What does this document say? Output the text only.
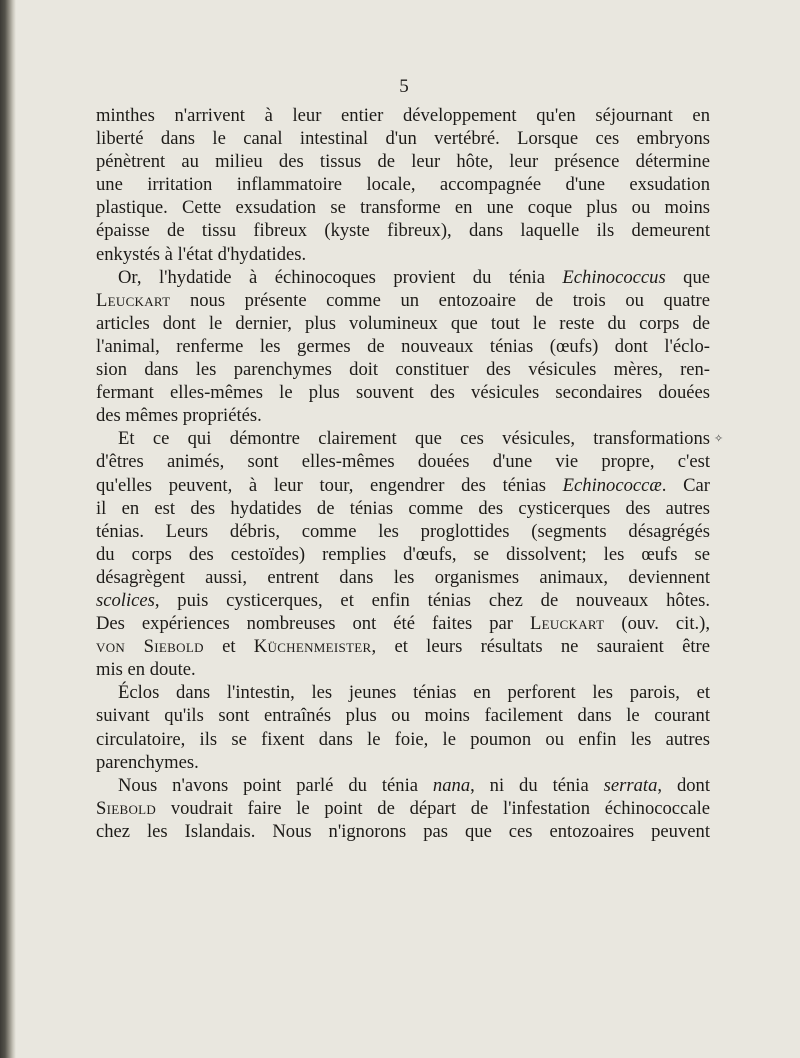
5
✧
minthes n'arrivent à leur entier développement qu'en séjournant en
liberté dans le canal intestinal d'un vertébré. Lorsque ces embryons
pénètrent au milieu des tissus de leur hôte, leur présence détermine
une irritation inflammatoire locale, accompagnée d'une exsudation
plastique. Cette exsudation se transforme en une coque plus ou moins
épaisse de tissu fibreux (kyste fibreux), dans laquelle ils demeurent
enkystés à l'état d'hydatides.
Or, l'hydatide à échinocoques provient du ténia Echinococcus que
Leuckart nous présente comme un entozoaire de trois ou quatre
articles dont le dernier, plus volumineux que tout le reste du corps de
l'animal, renferme les germes de nouveaux ténias (œufs) dont l'éclo-
sion dans les parenchymes doit constituer des vésicules mères, ren-
fermant elles-mêmes le plus souvent des vésicules secondaires douées
des mêmes propriétés.
Et ce qui démontre clairement que ces vésicules, transformations
d'êtres animés, sont elles-mêmes douées d'une vie propre, c'est
qu'elles peuvent, à leur tour, engendrer des ténias Echinococcæ. Car
il en est des hydatides de ténias comme des cysticerques des autres
ténias. Leurs débris, comme les proglottides (segments désagrégés
du corps des cestoïdes) remplies d'œufs, se dissolvent; les œufs se
désagrègent aussi, entrent dans les organismes animaux, deviennent
scolices, puis cysticerques, et enfin ténias chez de nouveaux hôtes.
Des expériences nombreuses ont été faites par Leuckart (ouv. cit.),
von Siebold et Küchenmeister, et leurs résultats ne sauraient être
mis en doute.
Éclos dans l'intestin, les jeunes ténias en perforent les parois, et
suivant qu'ils sont entraînés plus ou moins facilement dans le courant
circulatoire, ils se fixent dans le foie, le poumon ou enfin les autres
parenchymes.
Nous n'avons point parlé du ténia nana, ni du ténia serrata, dont
Siebold voudrait faire le point de départ de l'infestation échinococcale
chez les Islandais. Nous n'ignorons pas que ces entozoaires peuvent
